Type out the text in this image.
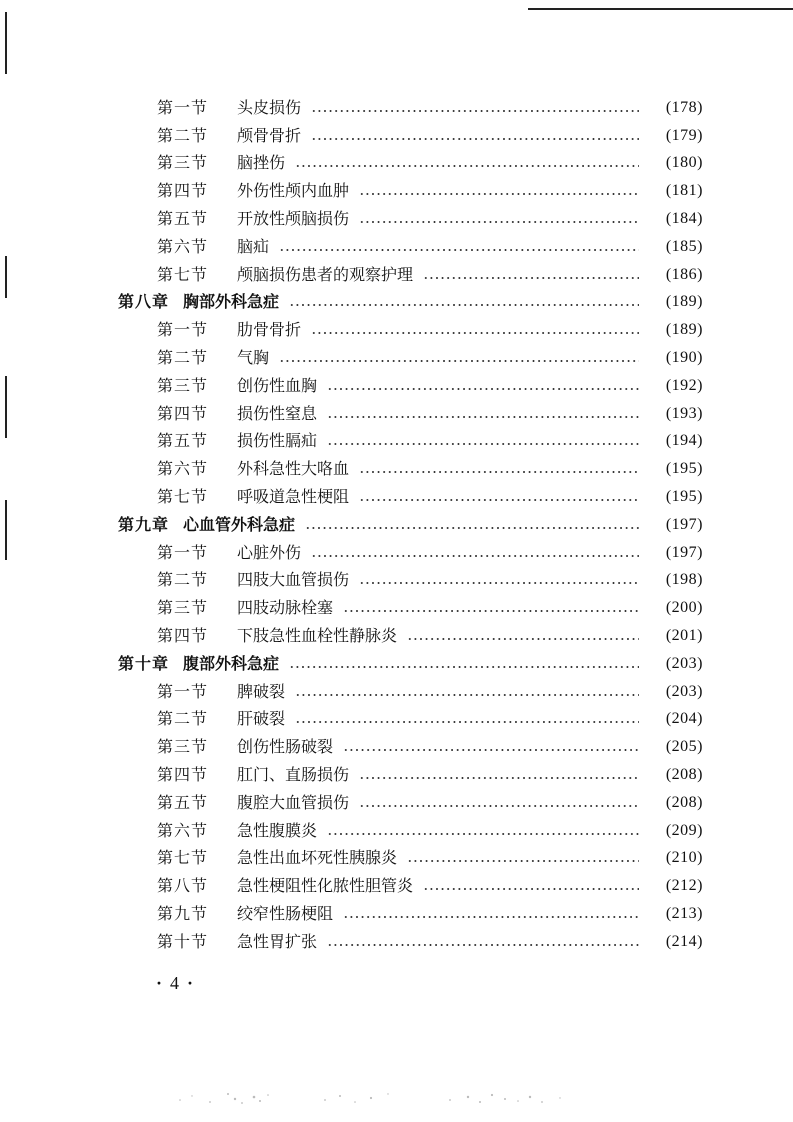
第一节	头皮损伤	(178)
第二节	颅骨骨折	(179)
第三节	脑挫伤	(180)
第四节	外伤性颅内血肿	(181)
第五节	开放性颅脑损伤	(184)
第六节	脑疝	(185)
第七节	颅脑损伤患者的观察护理	(186)
第八章 胸部外科急症	(189)
第一节	肋骨骨折	(189)
第二节	气胸	(190)
第三节	创伤性血胸	(192)
第四节	损伤性窒息	(193)
第五节	损伤性膈疝	(194)
第六节	外科急性大咯血	(195)
第七节	呼吸道急性梗阻	(195)
第九章 心血管外科急症	(197)
第一节	心脏外伤	(197)
第二节	四肢大血管损伤	(198)
第三节	四肢动脉栓塞	(200)
第四节	下肢急性血栓性静脉炎	(201)
第十章 腹部外科急症	(203)
第一节	脾破裂	(203)
第二节	肝破裂	(204)
第三节	创伤性肠破裂	(205)
第四节	肛门、直肠损伤	(208)
第五节	腹腔大血管损伤	(208)
第六节	急性腹膜炎	(209)
第七节	急性出血坏死性胰腺炎	(210)
第八节	急性梗阻性化脓性胆管炎	(212)
第九节	绞窄性肠梗阻	(213)
第十节	急性胃扩张	(214)
· 4 ·
